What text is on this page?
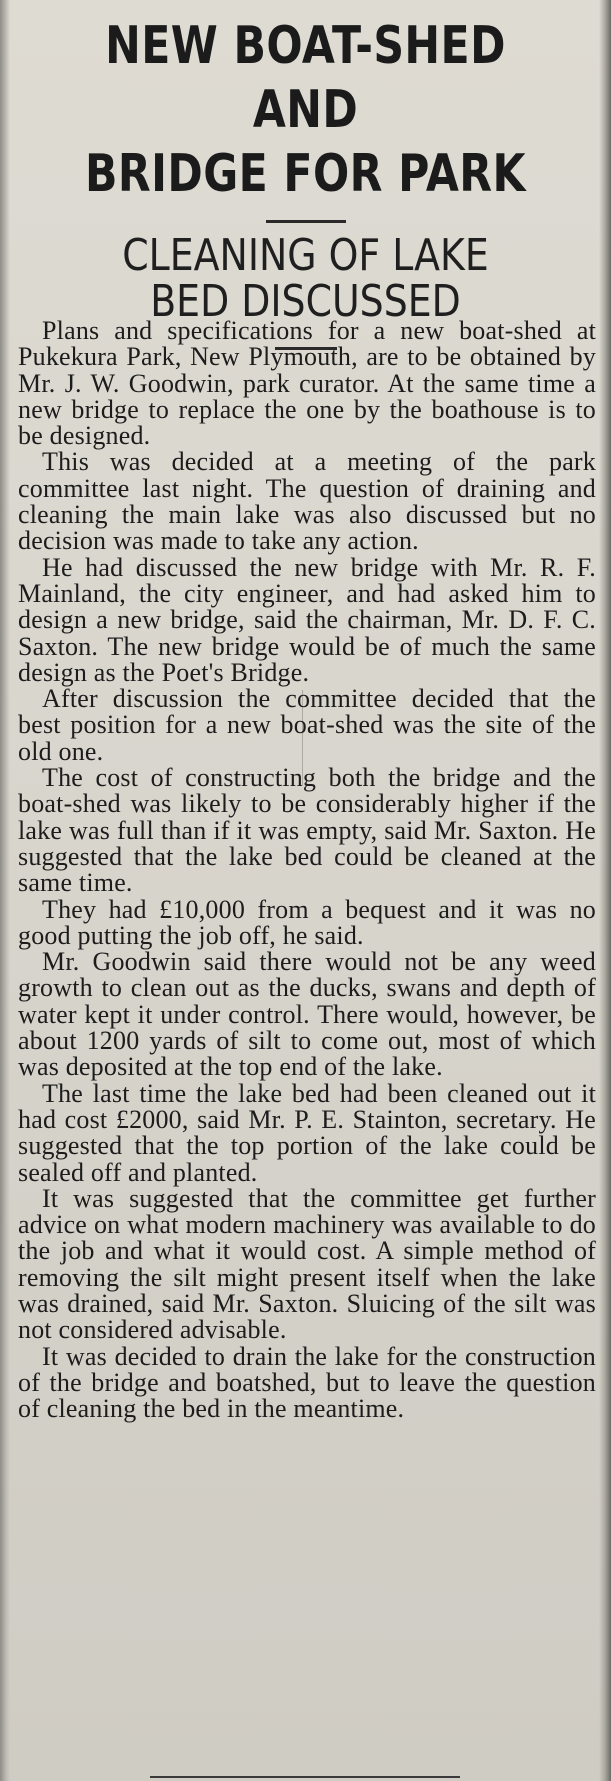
NEW BOAT-SHED AND
BRIDGE FOR PARK
CLEANING OF LAKE
BED DISCUSSED

Plans and specifications for a new boat-shed at Pukekura Park, New Plymouth, are to be obtained by Mr. J. W. Goodwin, park curator. At the same time a new bridge to replace the one by the boathouse is to be designed.

This was decided at a meeting of the park committee last night. The question of draining and cleaning the main lake was also discussed but no decision was made to take any action.

He had discussed the new bridge with Mr. R. F. Mainland, the city engineer, and had asked him to design a new bridge, said the chairman, Mr. D. F. C. Saxton. The new bridge would be of much the same design as the Poet's Bridge.

After discussion the committee decided that the best position for a new boat-shed was the site of the old one.

The cost of constructing both the bridge and the boat-shed was likely to be considerably higher if the lake was full than if it was empty, said Mr. Saxton. He suggested that the lake bed could be cleaned at the same time.

They had £10,000 from a bequest and it was no good putting the job off, he said.

Mr. Goodwin said there would not be any weed growth to clean out as the ducks, swans and depth of water kept it under control. There would, however, be about 1200 yards of silt to come out, most of which was deposited at the top end of the lake.

The last time the lake bed had been cleaned out it had cost £2000, said Mr. P. E. Stainton, secretary. He suggested that the top portion of the lake could be sealed off and planted.

It was suggested that the committee get further advice on what modern machinery was available to do the job and what it would cost. A simple method of removing the silt might present itself when the lake was drained, said Mr. Saxton. Sluicing of the silt was not considered advisable.

It was decided to drain the lake for the construction of the bridge and boatshed, but to leave the question of cleaning the bed in the meantime.
